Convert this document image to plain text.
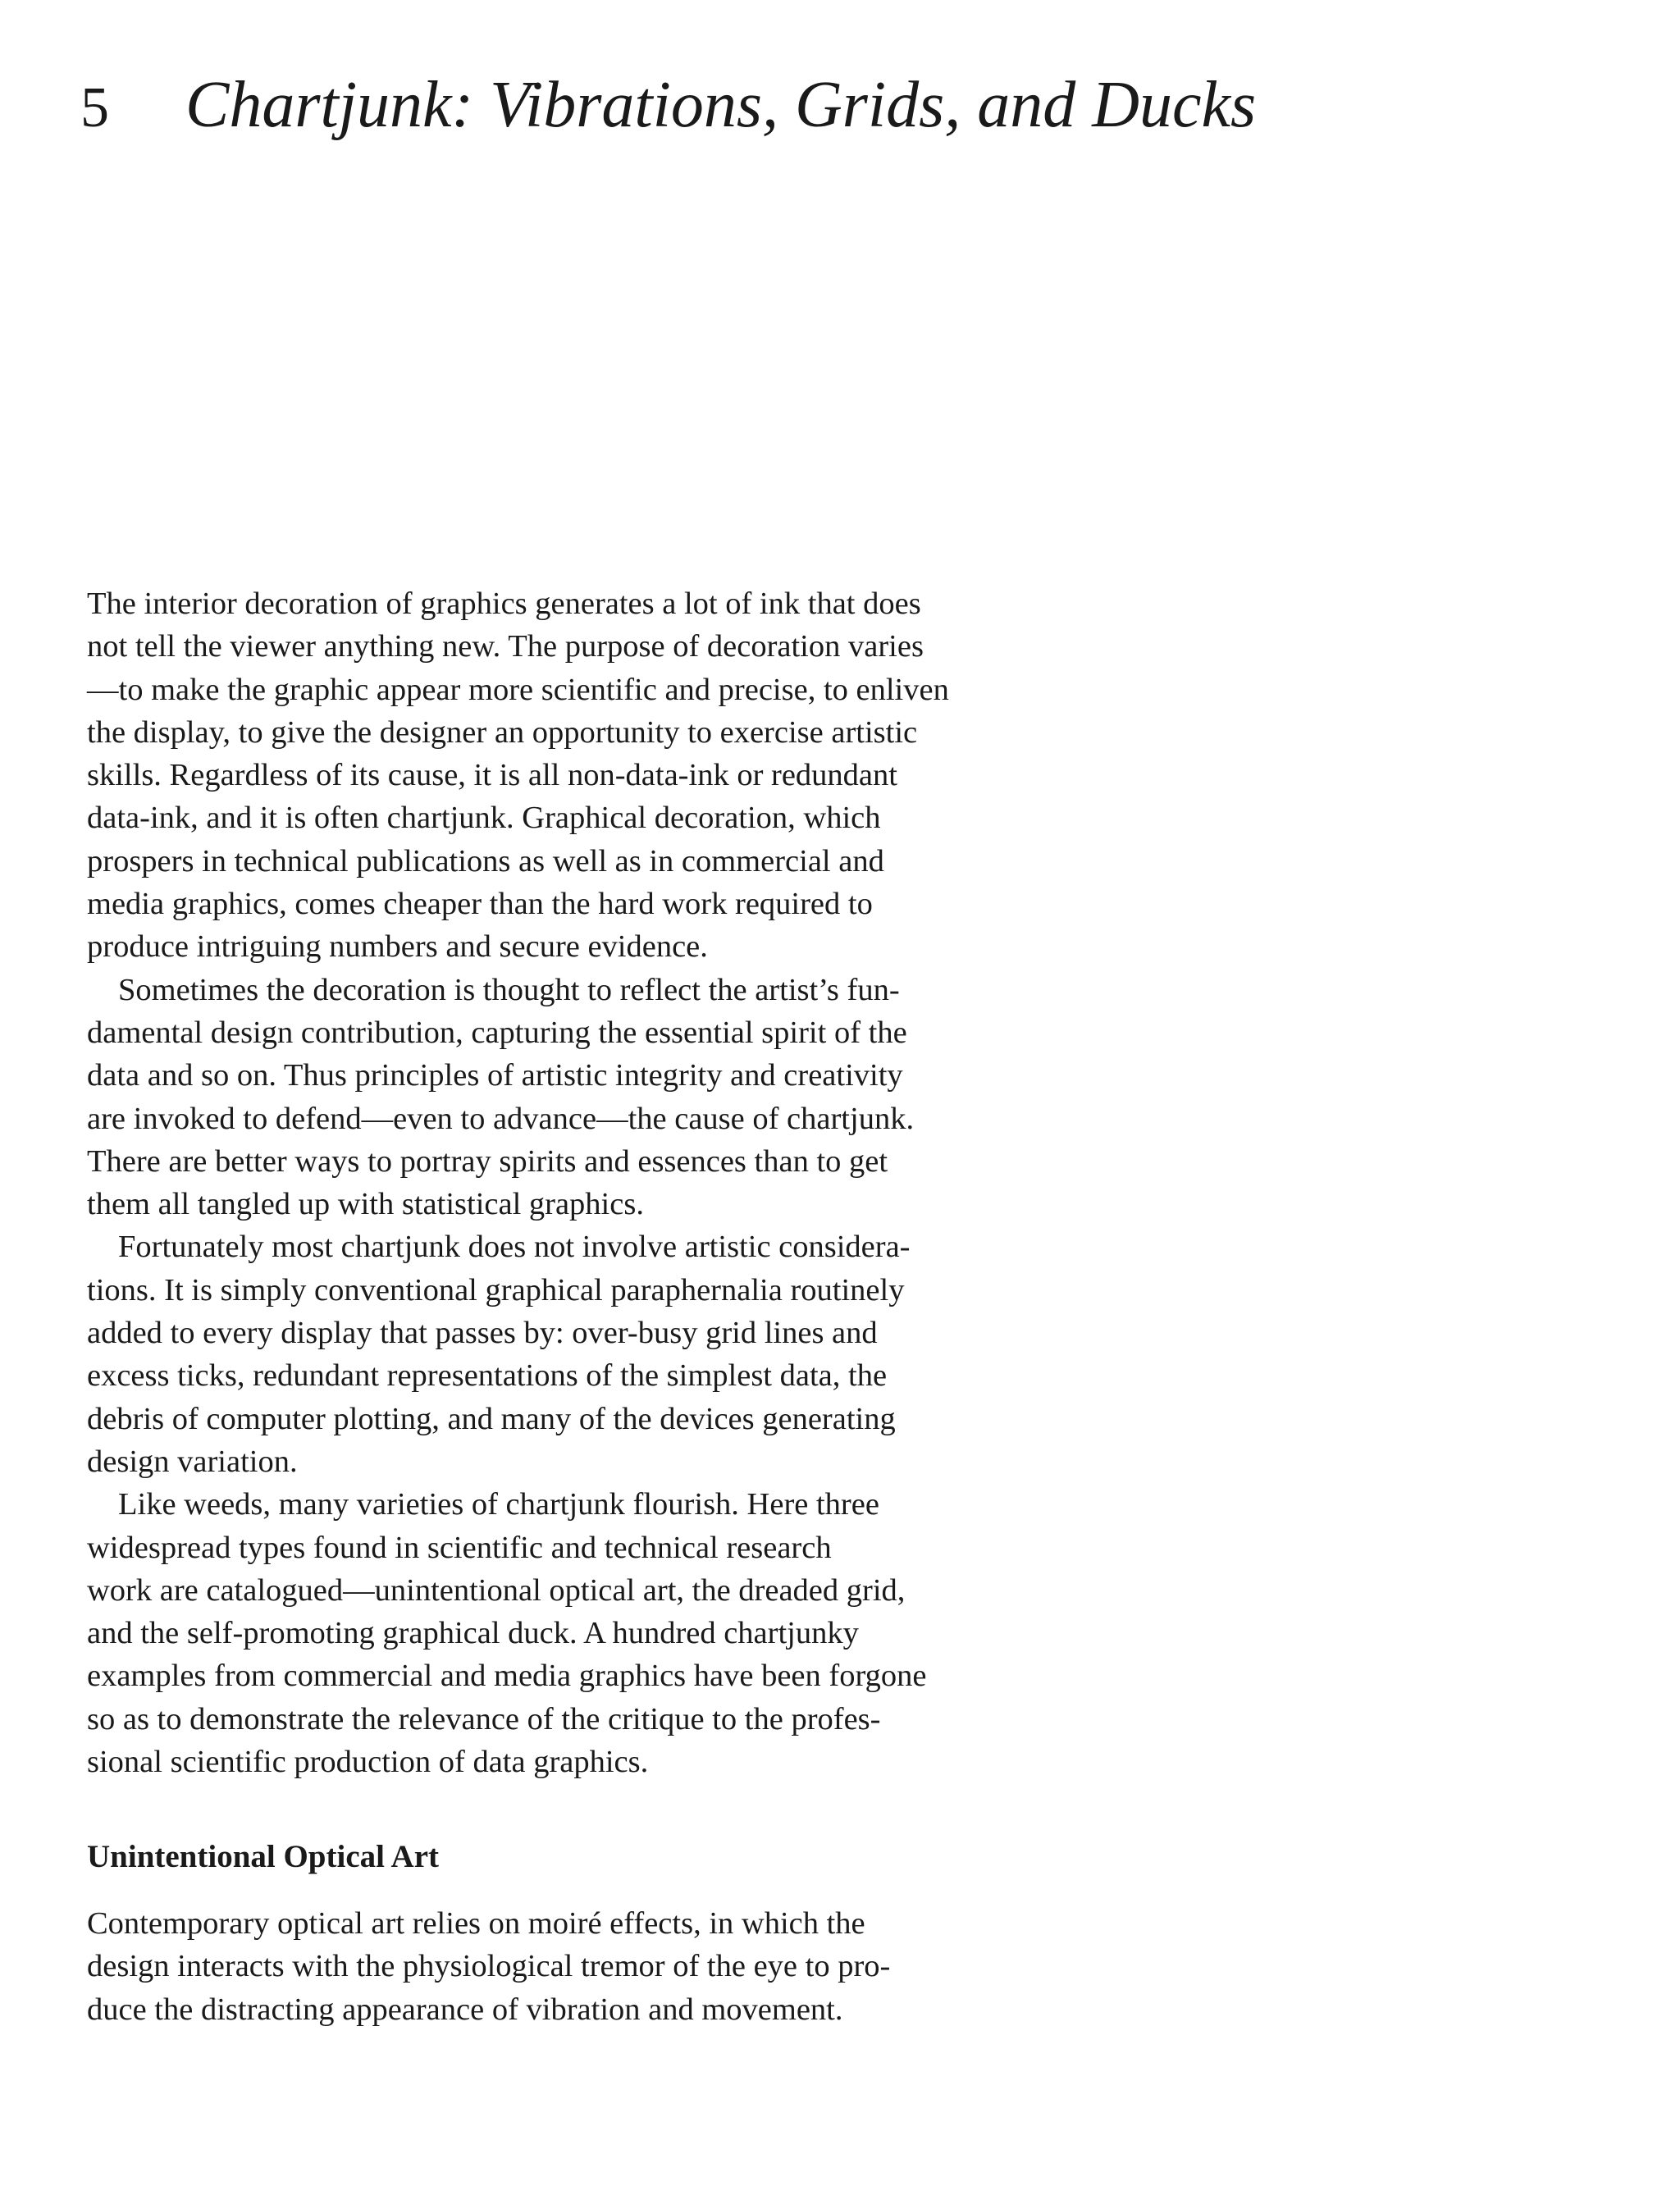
5 Chartjunk: Vibrations, Grids, and Ducks

The interior decoration of graphics generates a lot of ink that does
not tell the viewer anything new. The purpose of decoration varies
—to make the graphic appear more scientific and precise, to enliven
the display, to give the designer an opportunity to exercise artistic
skills. Regardless of its cause, it is all non-data-ink or redundant
data-ink, and it is often chartjunk. Graphical decoration, which
prospers in technical publications as well as in commercial and
media graphics, comes cheaper than the hard work required to
produce intriguing numbers and secure evidence.

Sometimes the decoration is thought to reflect the artist’s fun-
damental design contribution, capturing the essential spirit of the
data and so on. Thus principles of artistic integrity and creativity
are invoked to defend—even to advance—the cause of chartjunk.
There are better ways to portray spirits and essences than to get
them all tangled up with statistical graphics.

Fortunately most chartjunk does not involve artistic considera-
tions. It is simply conventional graphical paraphernalia routinely
added to every display that passes by: over-busy grid lines and
excess ticks, redundant representations of the simplest data, the
debris of computer plotting, and many of the devices generating
design variation.

Like weeds, many varieties of chartjunk flourish. Here three
widespread types found in scientific and technical research
work are catalogued—unintentional optical art, the dreaded grid,
and the self-promoting graphical duck. A hundred chartjunky
examples from commercial and media graphics have been forgone
so as to demonstrate the relevance of the critique to the profes-
sional scientific production of data graphics.

Unintentional Optical Art

Contemporary optical art relies on moiré effects, in which the
design interacts with the physiological tremor of the eye to pro-
duce the distracting appearance of vibration and movement.
